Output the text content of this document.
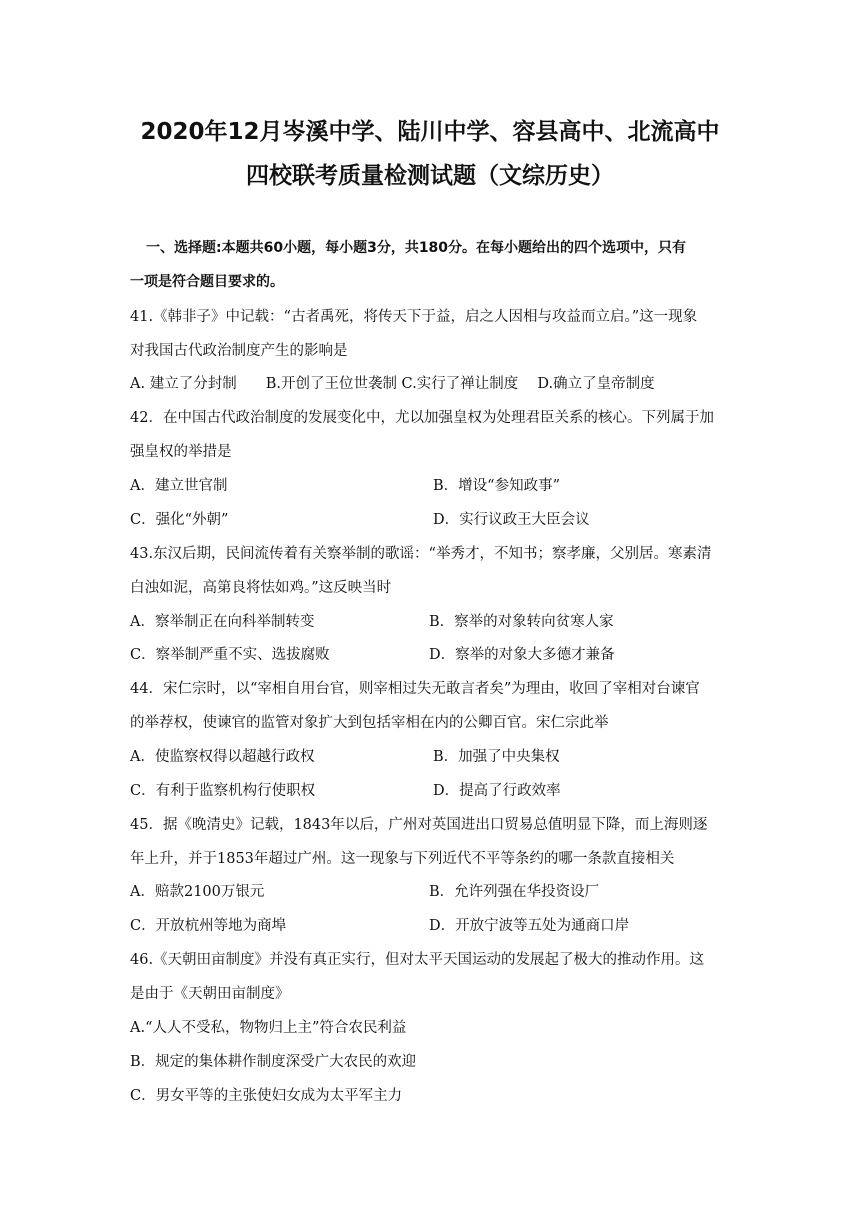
2020年12月岑溪中学、陆川中学、容县高中、北流高中
四校联考质量检测试题（文综历史）
一、选择题:本题共60小题，每小题3分，共180分。在每小题给出的四个选项中，只有
一项是符合题目要求的。
41.《韩非子》中记载：“古者禹死，将传天下于益，启之人因相与攻益而立启。”这一现象
对我国古代政治制度产生的影响是
A. 建立了分封制　　B.开创了王位世袭制 C.实行了禅让制度　 D.确立了皇帝制度
42．在中国古代政治制度的发展变化中，尤以加强皇权为处理君臣关系的核心。下列属于加
强皇权的举措是
A．建立世官制	B．增设“参知政事”
C．强化“外朝”	D．实行议政王大臣会议
43.东汉后期，民间流传着有关察举制的歌谣：“举秀才，不知书；察孝廉，父别居。寒素清
白浊如泥，高第良将怯如鸡。”这反映当时
A．察举制正在向科举制转变	B．察举的对象转向贫寒人家
C．察举制严重不实、选拔腐败	D．察举的对象大多德才兼备
44．宋仁宗时，以“宰相自用台官，则宰相过失无敢言者矣”为理由，收回了宰相对台谏官
的举荐权，使谏官的监管对象扩大到包括宰相在内的公卿百官。宋仁宗此举
A．使监察权得以超越行政权	B．加强了中央集权
C．有利于监察机构行使职权	D．提高了行政效率
45．据《晚清史》记载，1843年以后，广州对英国进出口贸易总值明显下降，而上海则逐
年上升，并于1853年超过广州。这一现象与下列近代不平等条约的哪一条款直接相关
A．赔款2100万银元	B．允许列强在华投资设厂
C．开放杭州等地为商埠	D．开放宁波等五处为通商口岸
46.《天朝田亩制度》并没有真正实行，但对太平天国运动的发展起了极大的推动作用。这
是由于《天朝田亩制度》
A.“人人不受私，物物归上主”符合农民利益
B．规定的集体耕作制度深受广大农民的欢迎
C．男女平等的主张使妇女成为太平军主力
